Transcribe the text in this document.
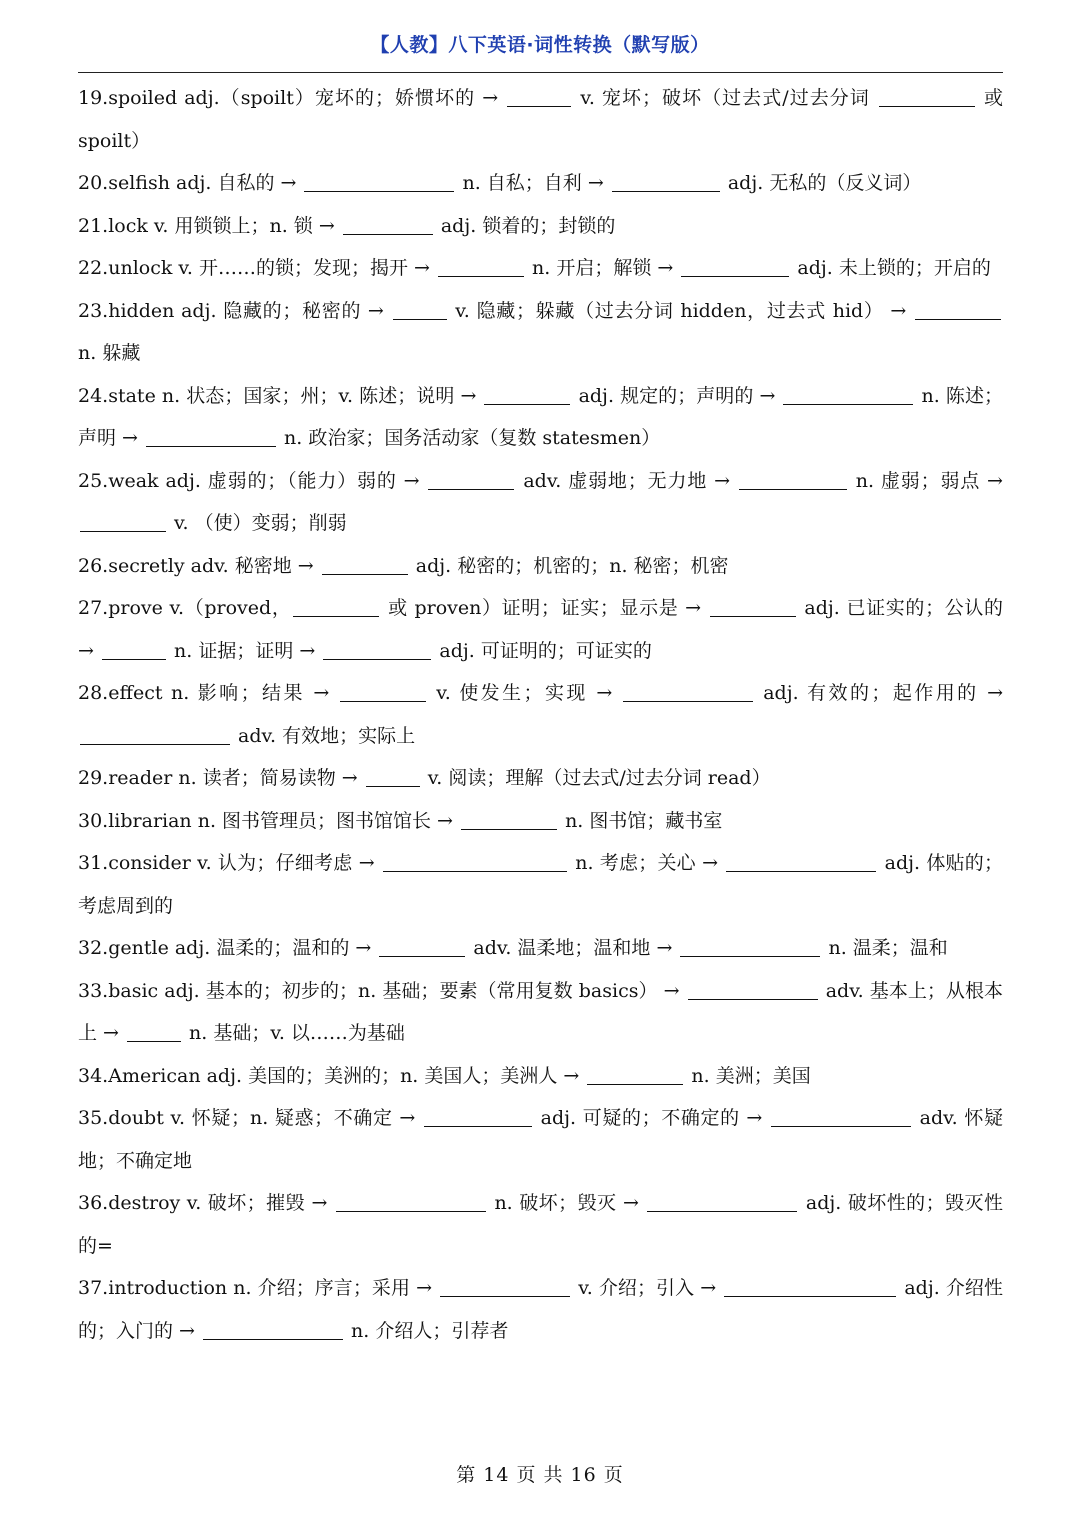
【人教】八下英语·词性转换（默写版）

19.spoiled adj.（spoilt）宠坏的；娇惯坏的 →	v. 宠坏；破坏（过去式/过去分词	或 spoilt）

20.selfish adj. 自私的 →	n. 自私；自利 →	adj. 无私的（反义词）

21.lock v. 用锁锁上；n. 锁 →	adj. 锁着的；封锁的

22.unlock v. 开……的锁；发现；揭开 →	n. 开启；解锁 →	adj. 未上锁的；开启的

23.hidden adj. 隐藏的；秘密的 →	v. 隐藏；躲藏（过去分词 hidden，过去式 hid） →  n. 躲藏

24.state n. 状态；国家；州；v. 陈述；说明 →	adj. 规定的；声明的 →	n. 陈述；声明 →	n. 政治家；国务活动家（复数 statesmen）

25.weak adj. 虚弱的；（能力）弱的 →	adv. 虚弱地；无力地 →	n. 虚弱；弱点 →  v. （使）变弱；削弱

26.secretly adv. 秘密地 →	adj. 秘密的；机密的；n. 秘密；机密

27.prove v.（proved，	或 proven）证明；证实；显示是 →	adj. 已证实的；公认的 →	n. 证据；证明 →	adj. 可证明的；可证实的

28.effect n. 影响；结果 →	v. 使发生；实现 →	adj. 有效的；起作用的 →  adv. 有效地；实际上

29.reader n. 读者；简易读物 →	v. 阅读；理解（过去式/过去分词 read）

30.librarian n. 图书管理员；图书馆馆长 →	n. 图书馆；藏书室

31.consider v. 认为；仔细考虑 →	n. 考虑；关心 →	adj. 体贴的；考虑周到的

32.gentle adj. 温柔的；温和的 →	adv. 温柔地；温和地 →	n. 温柔；温和

33.basic adj. 基本的；初步的；n. 基础；要素（常用复数 basics） →	adv. 基本上；从根本上 →	n. 基础；v. 以……为基础

34.American adj. 美国的；美洲的；n. 美国人；美洲人 →	n. 美洲；美国

35.doubt v. 怀疑；n. 疑惑；不确定 →	adj. 可疑的；不确定的 →	adv. 怀疑地；不确定地

36.destroy v. 破坏；摧毁 →	n. 破坏；毁灭 →	adj. 破坏性的；毁灭性的=

37.introduction n. 介绍；序言；采用 →	v. 介绍；引入 →	adj. 介绍性的；入门的 →	n. 介绍人；引荐者

第 14 页 共 16 页
